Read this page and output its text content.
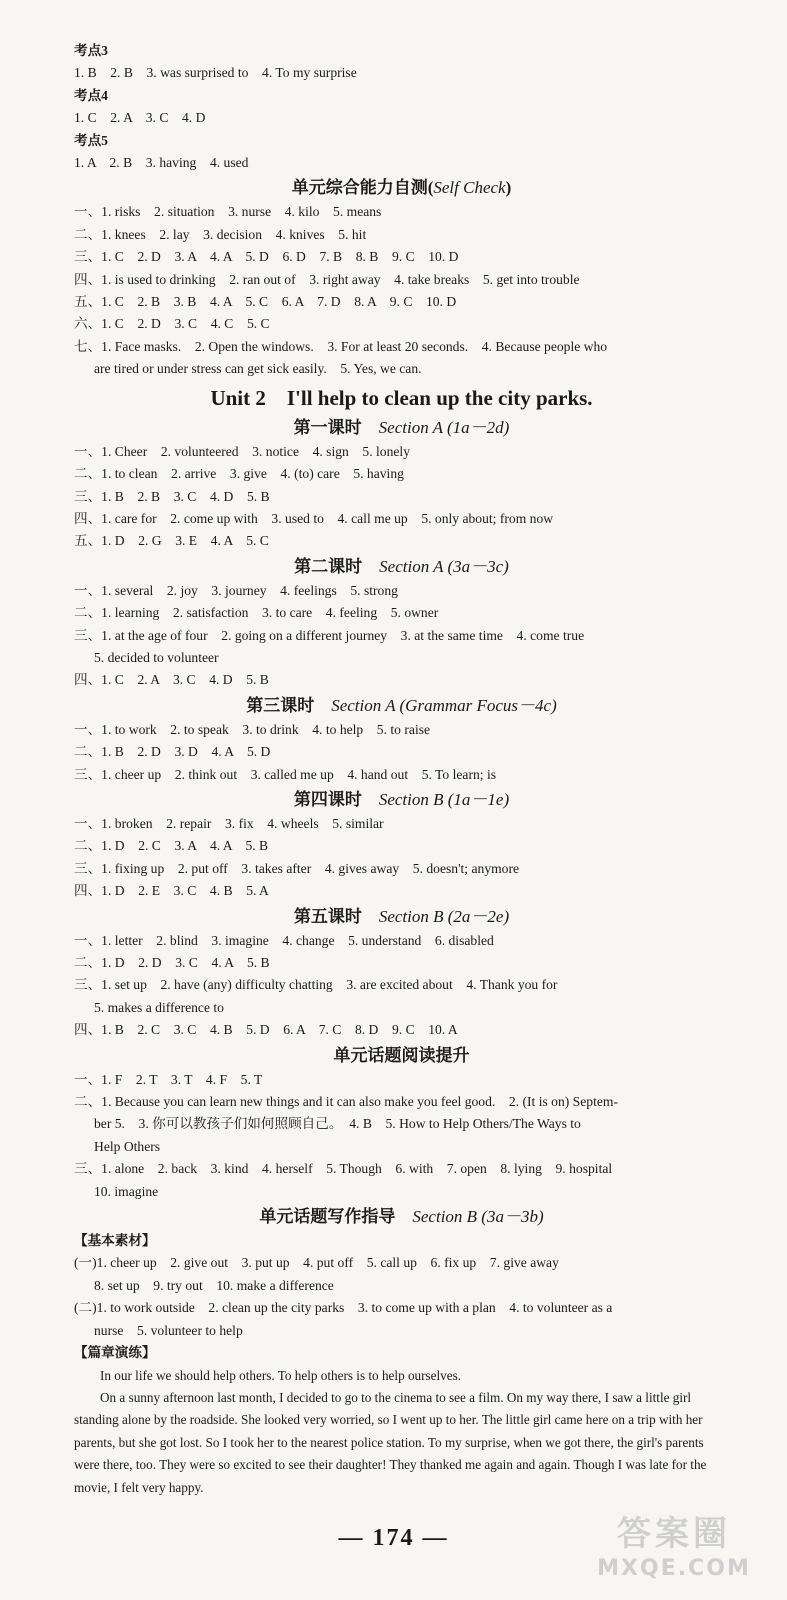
考点3
1. B　2. B　3. was surprised to　4. To my surprise
考点4
1. C　2. A　3. C　4. D
考点5
1. A　2. B　3. having　4. used
单元综合能力自测(Self Check)
一、1. risks　2. situation　3. nurse　4. kilo　5. means
二、1. knees　2. lay　3. decision　4. knives　5. hit
三、1. C　2. D　3. A　4. A　5. D　6. D　7. B　8. B　9. C　10. D
四、1. is used to drinking　2. ran out of　3. right away　4. take breaks　5. get into trouble
五、1. C　2. B　3. B　4. A　5. C　6. A　7. D　8. A　9. C　10. D
六、1. C　2. D　3. C　4. C　5. C
七、1. Face masks.　2. Open the windows.　3. For at least 20 seconds.　4. Because people who
are tired or under stress can get sick easily.　5. Yes, we can.
Unit 2　I'll help to clean up the city parks.
第一课时　 Section A (1a－2d)
一、1. Cheer　2. volunteered　3. notice　4. sign　5. lonely
二、1. to clean　2. arrive　3. give　4. (to) care　5. having
三、1. B　2. B　3. C　4. D　5. B
四、1. care for　2. come up with　3. used to　4. call me up　5. only about; from now
五、1. D　2. G　3. E　4. A　5. C
第二课时　 Section A (3a－3c)
一、1. several　2. joy　3. journey　4. feelings　5. strong
二、1. learning　2. satisfaction　3. to care　4. feeling　5. owner
三、1. at the age of four　2. going on a different journey　3. at the same time　4. come true
5. decided to volunteer
四、1. C　2. A　3. C　4. D　5. B
第三课时　 Section A (Grammar Focus－4c)
一、1. to work　2. to speak　3. to drink　4. to help　5. to raise
二、1. B　2. D　3. D　4. A　5. D
三、1. cheer up　2. think out　3. called me up　4. hand out　5. To learn; is
第四课时　 Section B (1a－1e)
一、1. broken　2. repair　3. fix　4. wheels　5. similar
二、1. D　2. C　3. A　4. A　5. B
三、1. fixing up　2. put off　3. takes after　4. gives away　5. doesn't; anymore
四、1. D　2. E　3. C　4. B　5. A
第五课时　 Section B (2a－2e)
一、1. letter　2. blind　3. imagine　4. change　5. understand　6. disabled
二、1. D　2. D　3. C　4. A　5. B
三、1. set up　2. have (any) difficulty chatting　3. are excited about　4. Thank you for
5. makes a difference to
四、1. B　2. C　3. C　4. B　5. D　6. A　7. C　8. D　9. C　10. A
单元话题阅读提升
一、1. F　2. T　3. T　4. F　5. T
二、1. Because you can learn new things and it can also make you feel good.　2. (It is on) Septem-
ber 5.　3. 你可以教孩子们如何照顾自己。　4. B　5. How to Help Others/The Ways to
Help Others
三、1. alone　2. back　3. kind　4. herself　5. Though　6. with　7. open　8. lying　9. hospital
10. imagine
单元话题写作指导　 Section B (3a－3b)
【基本素材】
(一)1. cheer up　2. give out　3. put up　4. put off　5. call up　6. fix up　7. give away
8. set up　9. try out　10. make a difference
(二)1. to work outside　2. clean up the city parks　3. to come up with a plan　4. to volunteer as a
nurse　5. volunteer to help
【篇章演练】

In our life we should help others. To help others is to help ourselves.

On a sunny afternoon last month, I decided to go to the cinema to see a film. On my way there, I saw a little girl standing alone by the roadside. She looked very worried, so I went up to her. The little girl came here on a trip with her parents, but she got lost. So I took her to the nearest police station. To my surprise, when we got there, the girl's parents were there, too. They were so excited to see their daughter! They thanked me again and again. Though I was late for the movie, I felt very happy.

— 174 —	答案圈
MXQE.COM
